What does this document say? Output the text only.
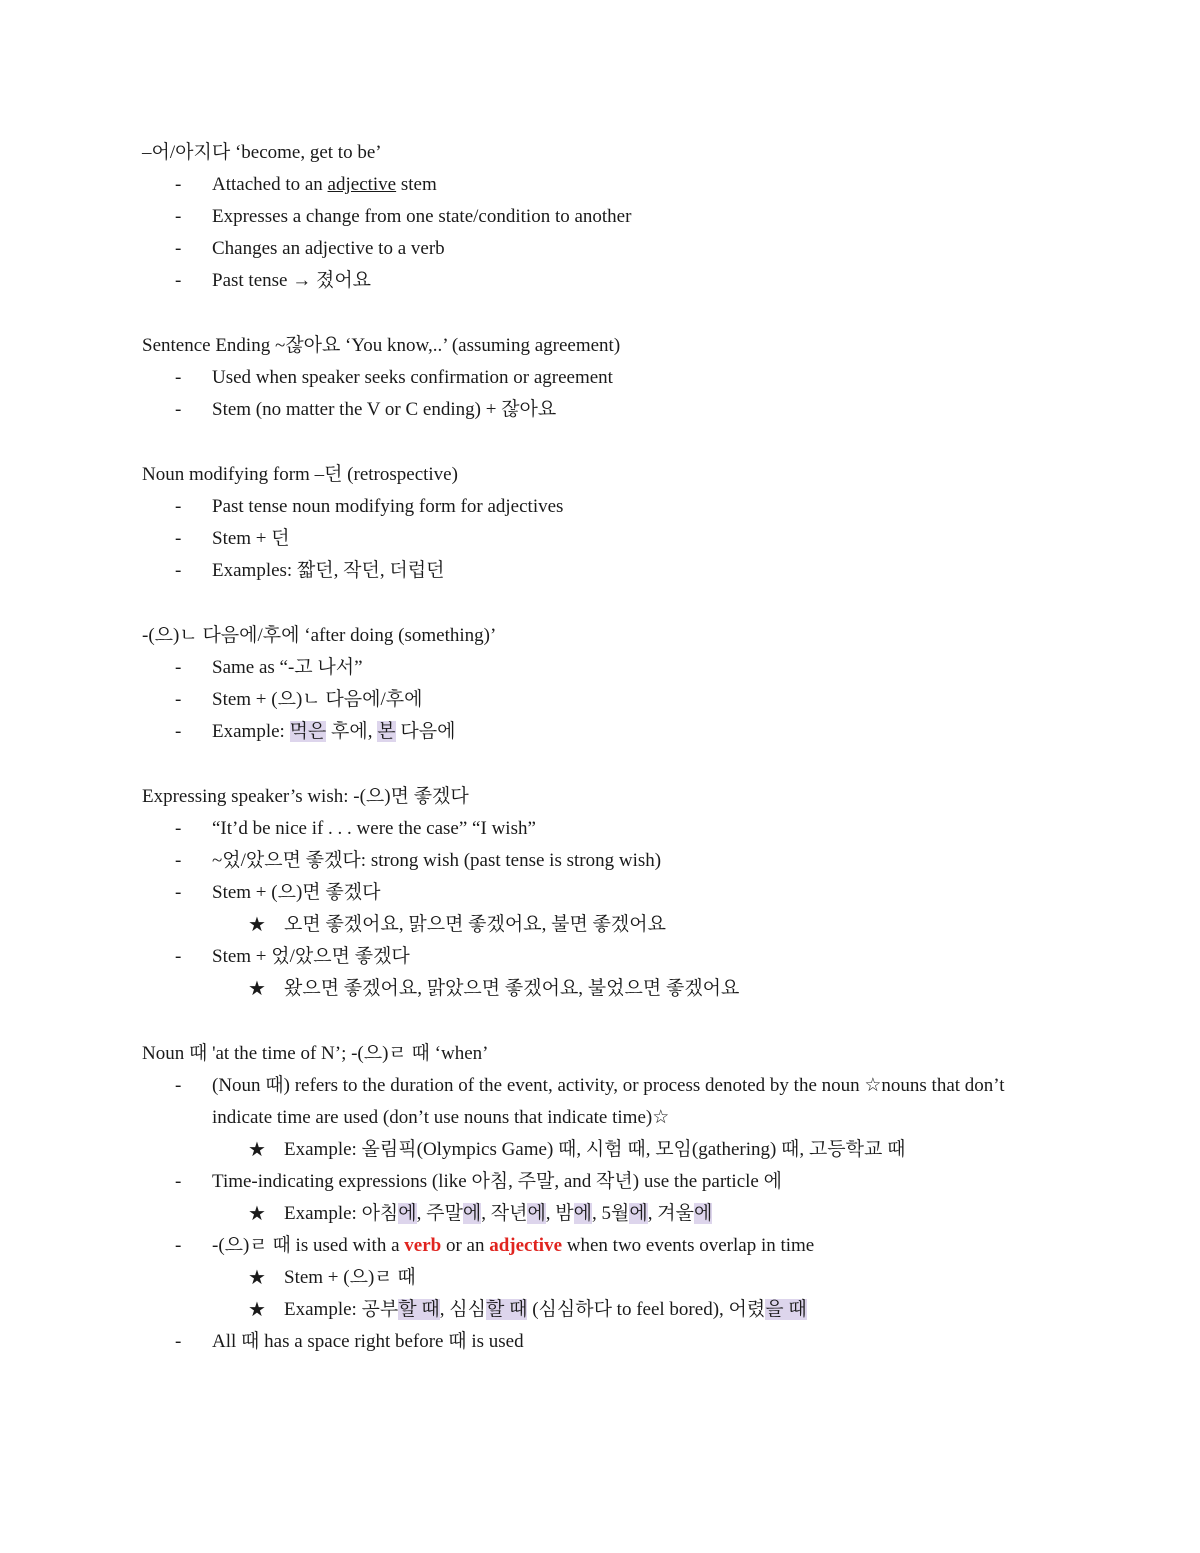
–어/아지다 ‘become, get to be’
- Attached to an adjective stem
- Expresses a change from one state/condition to another
- Changes an adjective to a verb
- Past tense → 졌어요
Sentence Ending ~잖아요 ‘You know,..’ (assuming agreement)
- Used when speaker seeks confirmation or agreement
- Stem (no matter the V or C ending) + 잖아요
Noun modifying form –던 (retrospective)
- Past tense noun modifying form for adjectives
- Stem + 던
- Examples: 짧던, 작던, 더럽던
-(으)ㄴ 다음에/후에 ‘after doing (something)’
- Same as “-고 나서”
- Stem + (으)ㄴ 다음에/후에
- Example: 먹은 후에, 본 다음에
Expressing speaker’s wish: -(으)면 좋겠다
- “It’d be nice if . . . were the case” “I wish”
- ~었/았으면 좋겠다: strong wish (past tense is strong wish)
- Stem + (으)면 좋겠다
★ 오면 좋겠어요, 맑으면 좋겠어요, 불면 좋겠어요
- Stem + 었/았으면 좋겠다
★ 왔으면 좋겠어요, 맑았으면 좋겠어요, 불었으면 좋겠어요
Noun 때 'at the time of N’; -(으)ㄹ 때 ‘when’
- (Noun 때) refers to the duration of the event, activity, or process denoted by the noun ☆nouns that don’t indicate time are used (don’t use nouns that indicate time)☆
★ Example: 올림픽(Olympics Game) 때, 시험 때, 모임(gathering) 때, 고등학교 때
- Time-indicating expressions (like 아침, 주말, and 작년) use the particle 에
★ Example: 아침에, 주말에, 작년에, 밤에, 5월에, 겨울에
- -(으)ㄹ 때 is used with a verb or an adjective when two events overlap in time
★ Stem + (으)ㄹ 때
★ Example: 공부할 때, 심심할 때 (심심하다 to feel bored), 어렸을 때
- All 때 has a space right before 때 is used
